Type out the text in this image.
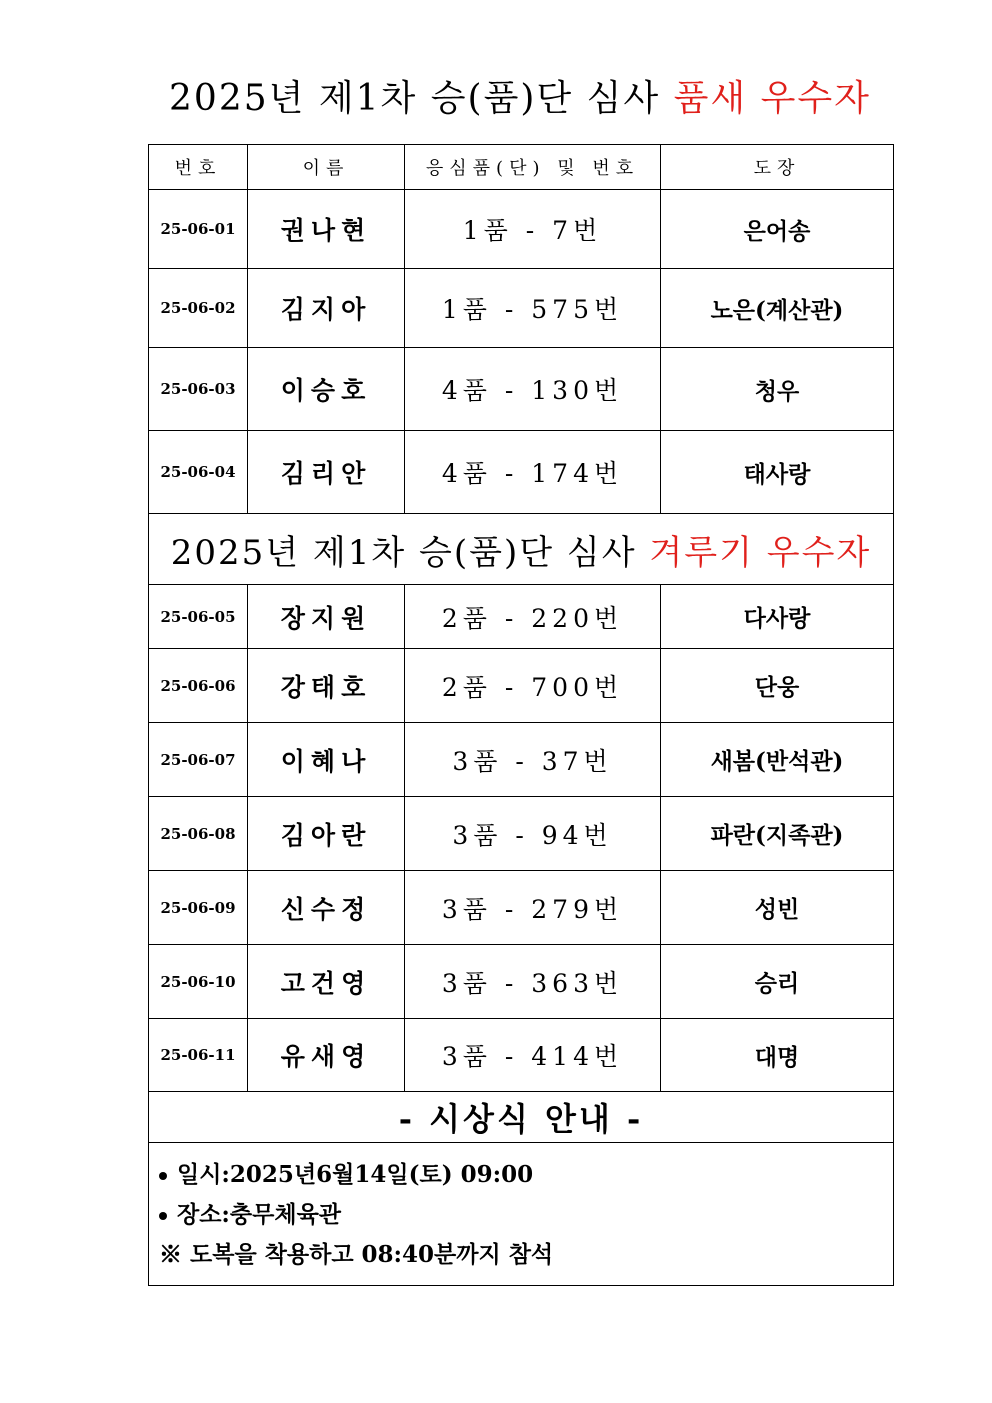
2025년 제1차 승(품)단 심사 품새 우수자
번호	이름	응심품(단) 및 번호	도장
25-06-01	권나현	1품 - 7번	은어송
25-06-02	김지아	1품 - 575번	노은(계산관)
25-06-03	이승호	4품 - 130번	청우
25-06-04	김리안	4품 - 174번	태사랑
2025년 제1차 승(품)단 심사 겨루기 우수자			
25-06-05	장지원	2품 - 220번	다사랑
25-06-06	강태호	2품 - 700번	단웅
25-06-07	이혜나	3품 - 37번	새봄(반석관)
25-06-08	김아란	3품 - 94번	파란(지족관)
25-06-09	신수정	3품 - 279번	성빈
25-06-10	고건영	3품 - 363번	승리
25-06-11	유새영	3품 - 414번	대명
- 시상식 안내 -			

일시:2025년6월14일(토) 09:00
장소:충무체육관
※ 도복을 착용하고 08:40분까지 참석			
